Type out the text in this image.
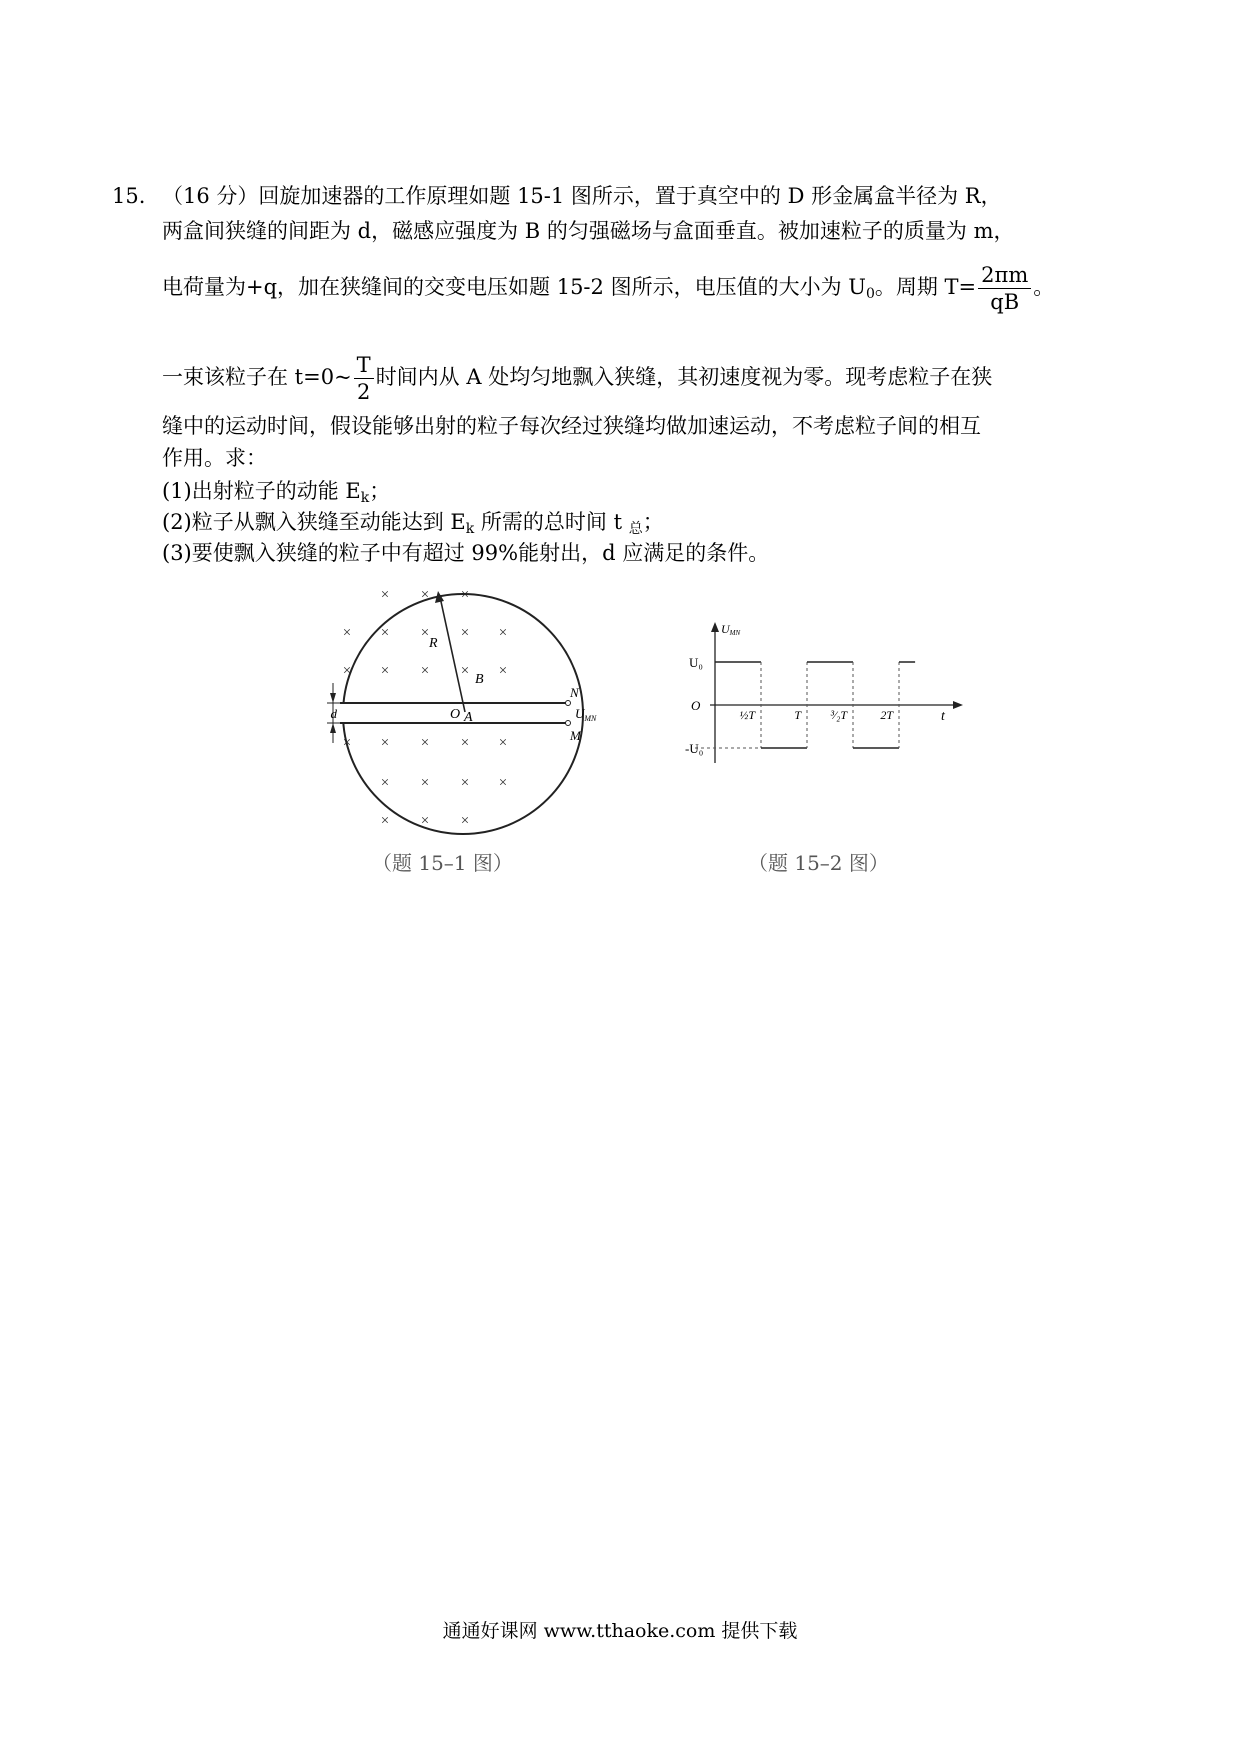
15. （16 分）回旋加速器的工作原理如题 15-1 图所示，置于真空中的 D 形金属盒半径为 R，
两盒间狭缝的间距为 d，磁感应强度为 B 的匀强磁场与盒面垂直。被加速粒子的质量为 m，
电荷量为+q，加在狭缝间的交变电压如题 15-2 图所示，电压值的大小为 $U_0$。周期 $T= \frac{2\pi m}{qB}$ 。
一束该粒子在 t=0~ $\frac{T}{2}$ 时间内从 A 处均匀地飘入狭缝，其初速度视为零。现考虑粒子在狭
缝中的运动时间，假设能够出射的粒子每次经过狭缝均做加速运动，不考虑粒子间的相互
作用。求：
(1)出射粒子的动能 $E_k$；
(2)粒子从飘入狭缝至动能达到 $E_k$ 所需的总时间 t $_总$；
(3)要使飘入狭缝的粒子中有超过 99%能射出，d 应满足的条件。
× × ×
× × × × ×
× × × × ×
× × × × ×
× × × ×
× × ×
d
R
B
O A
N
M
$U_{MN}$
（题 15–1 图）
½T	T ³⁄₂T	2T
UMN
U₀
-U₀
O
t
（题 15–2 图）
通通好课网 www.tthaoke.com 提供下载
